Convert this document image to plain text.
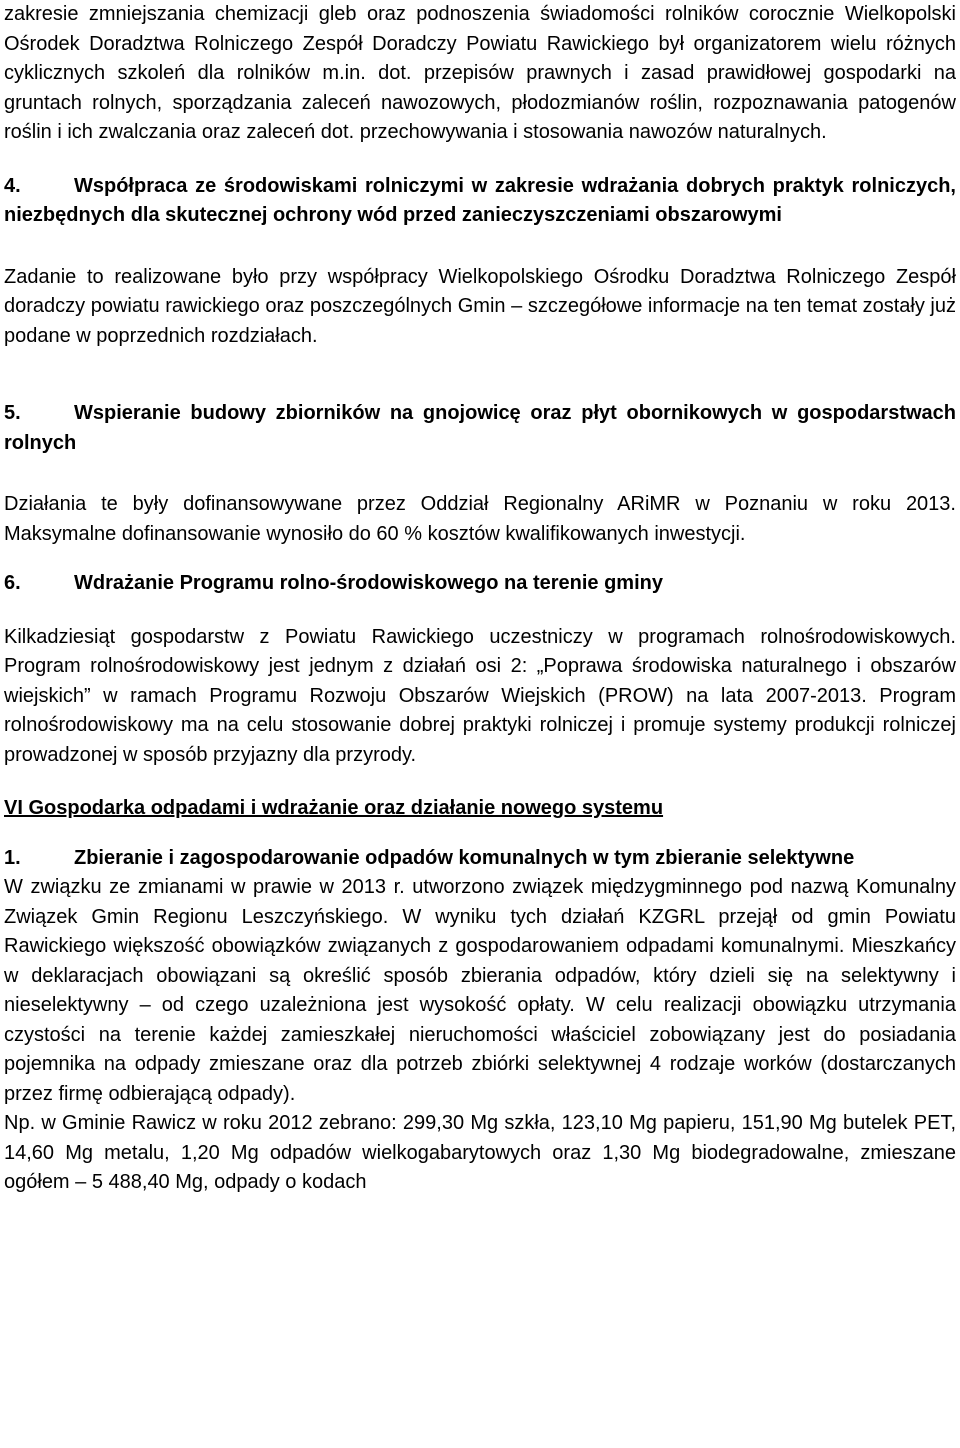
zakresie zmniejszania chemizacji gleb oraz podnoszenia świadomości rolników corocznie Wielkopolski Ośrodek Doradztwa Rolniczego Zespół Doradczy Powiatu Rawickiego był organizatorem wielu różnych cyklicznych szkoleń dla rolników m.in. dot. przepisów prawnych i zasad prawidłowej gospodarki na gruntach rolnych, sporządzania zaleceń nawozowych, płodozmianów roślin, rozpoznawania patogenów roślin i ich zwalczania oraz zaleceń dot. przechowywania i stosowania nawozów naturalnych.

4.	Współpraca ze środowiskami rolniczymi w zakresie wdrażania dobrych praktyk rolniczych, niezbędnych dla skutecznej ochrony wód przed zanieczyszczeniami obszarowymi

Zadanie to realizowane było przy współpracy Wielkopolskiego Ośrodku Doradztwa Rolniczego Zespół doradczy powiatu rawickiego oraz poszczególnych Gmin – szczegółowe informacje na ten temat zostały już podane w poprzednich rozdziałach.

5.	Wspieranie budowy zbiorników na gnojowicę oraz płyt obornikowych w gospodarstwach rolnych

Działania te były dofinansowywane przez Oddział Regionalny ARiMR w Poznaniu w roku 2013. Maksymalne dofinansowanie wynosiło do 60 % kosztów kwalifikowanych inwestycji.

6.	Wdrażanie Programu rolno-środowiskowego na terenie gminy

Kilkadziesiąt gospodarstw z Powiatu Rawickiego uczestniczy w programach rolnośrodowiskowych. Program rolnośrodowiskowy jest jednym z działań osi 2: „Poprawa środowiska naturalnego i obszarów wiejskich” w ramach Programu Rozwoju Obszarów Wiejskich (PROW) na lata 2007-2013. Program rolnośrodowiskowy ma na celu stosowanie dobrej praktyki rolniczej i promuje systemy produkcji rolniczej prowadzonej w sposób przyjazny dla przyrody.

VI Gospodarka odpadami i wdrażanie oraz działanie nowego systemu

1.	Zbieranie i zagospodarowanie odpadów komunalnych w tym zbieranie selektywne

W związku ze zmianami w prawie w 2013 r. utworzono związek międzygminnego pod nazwą Komunalny Związek Gmin Regionu Leszczyńskiego. W wyniku tych działań KZGRL przejął od gmin Powiatu Rawickiego większość obowiązków związanych z gospodarowaniem odpadami komunalnymi. Mieszkańcy w deklaracjach obowiązani są określić sposób zbierania odpadów, który dzieli się na selektywny i nieselektywny – od czego uzależniona jest wysokość opłaty. W celu realizacji obowiązku utrzymania czystości na terenie każdej zamieszkałej nieruchomości właściciel zobowiązany jest do posiadania pojemnika na odpady zmieszane oraz dla potrzeb zbiórki selektywnej 4 rodzaje worków (dostarczanych przez firmę odbierającą odpady).

Np. w Gminie Rawicz w roku 2012 zebrano: 299,30 Mg szkła, 123,10 Mg papieru, 151,90 Mg butelek PET, 14,60 Mg metalu, 1,20 Mg odpadów wielkogabarytowych oraz 1,30 Mg biodegradowalne, zmieszane ogółem – 5 488,40 Mg, odpady o kodach
